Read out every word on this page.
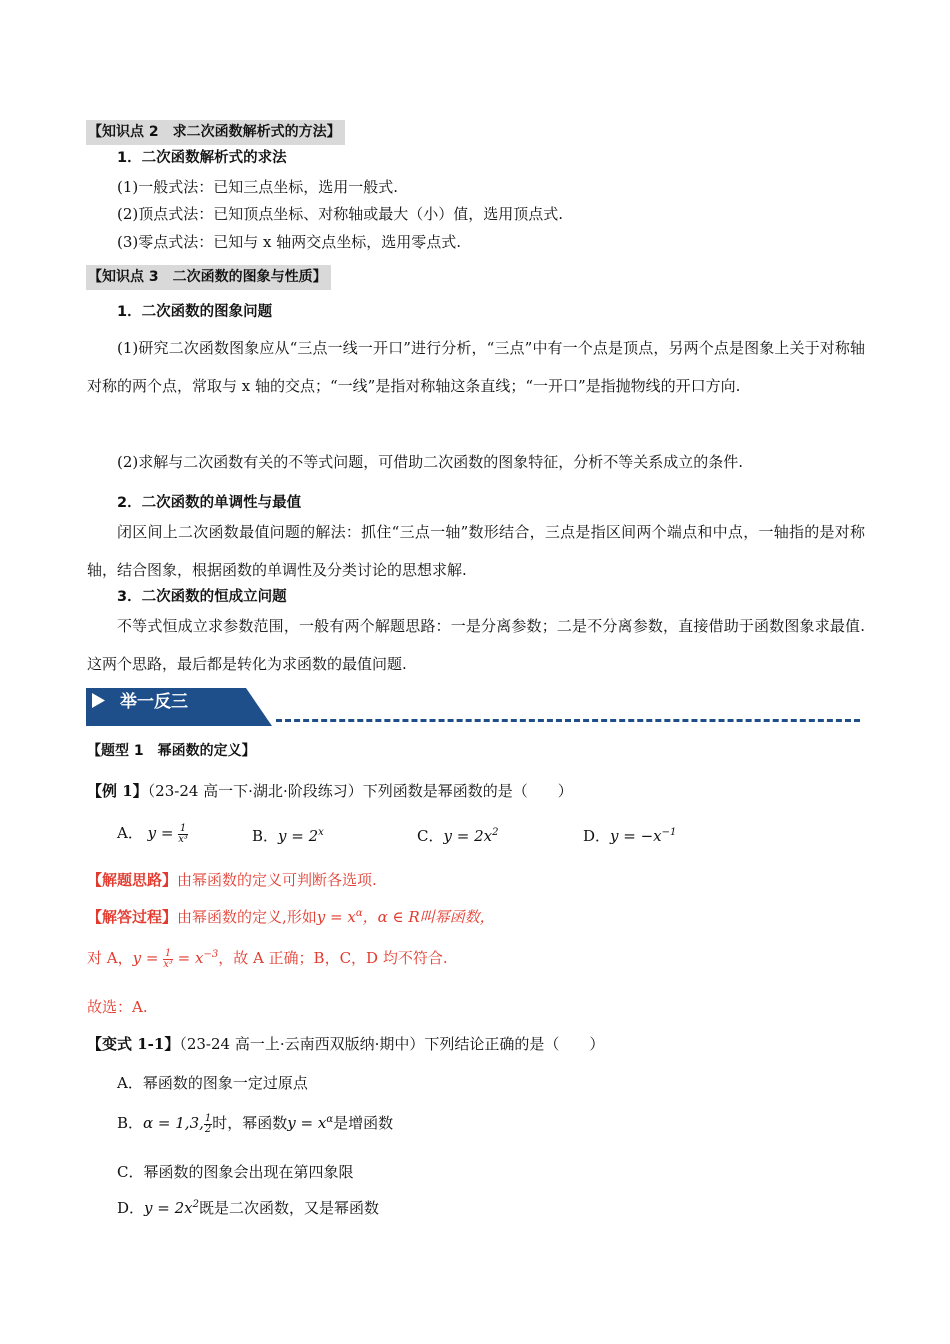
【知识点 2　求二次函数解析式的方法】
1．二次函数解析式的求法
(1)一般式法：已知三点坐标，选用一般式.
(2)顶点式法：已知顶点坐标、对称轴或最大（小）值，选用顶点式.
(3)零点式法：已知与 x 轴两交点坐标，选用零点式.
【知识点 3　二次函数的图象与性质】
1．二次函数的图象问题
(1)研究二次函数图象应从“三点一线一开口”进行分析，“三点”中有一个点是顶点，另两个点是图象上关于对称轴对称的两个点，常取与 x 轴的交点；“一线”是指对称轴这条直线；“一开口”是指抛物线的开口方向.
(2)求解与二次函数有关的不等式问题，可借助二次函数的图象特征，分析不等关系成立的条件.
2．二次函数的单调性与最值
闭区间上二次函数最值问题的解法：抓住“三点一轴”数形结合，三点是指区间两个端点和中点，一轴指的是对称轴，结合图象，根据函数的单调性及分类讨论的思想求解.
3．二次函数的恒成立问题
不等式恒成立求参数范围，一般有两个解题思路：一是分离参数；二是不分离参数，直接借助于函数图象求最值.这两个思路，最后都是转化为求函数的最值问题.
举一反三
【题型 1　幂函数的定义】
【例 1】（23-24 高一下·湖北·阶段练习）下列函数是幂函数的是（　　）
A． $y = \frac{1}{\text{x³}}$	B．$y = 2^x$	C．$y = 2x^2$	D．$y = -x^{-1}$
【解题思路】由幂函数的定义可判断各选项.
【解答过程】由幂函数的定义,形如$y = x^\alpha$，α ∈ R叫幂函数，
对 A，$y = \frac{1}{\text{x³}} = x^{-3}$，故 A 正确；B，C，D 均不符合.
故选：A.
【变式 1-1】（23-24 高一上·云南西双版纳·期中）下列结论正确的是（　　）
A．幂函数的图象一定过原点
B．α = 1,3, $\frac{1}{2}$ 时，幂函数$y = x^\alpha$是增函数
C．幂函数的图象会出现在第四象限
D．$y = 2x^2$既是二次函数，又是幂函数
